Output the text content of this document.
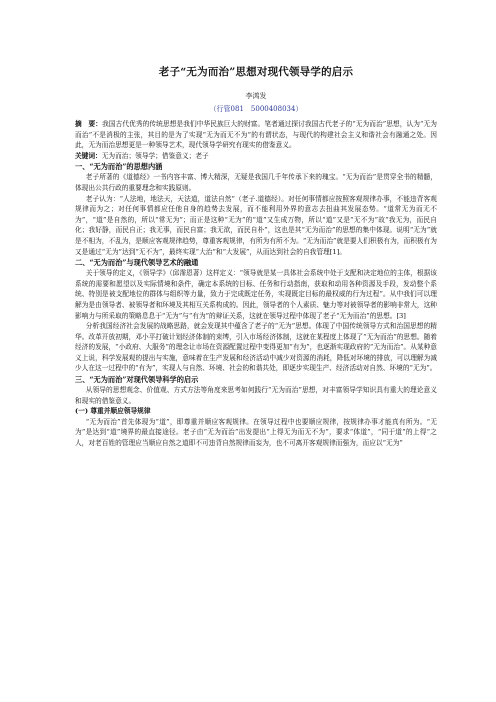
老子“无为而治”思想对现代领导学的启示

李鸿发

（行管081　5000408034）

摘　要：我国古代优秀的传统思想是我们中华民族巨大的财富。笔者通过探讨我国古代老子的“无为而治”思想，认为“无为而治”不是消极的主张，其目的是为了实现“无为而无不为”的有谓状态，与现代的构建社会主义和谐社会有融通之处。因此，无为而治思想更是一种领导艺术，现代领导学研究有现实的借鉴意义。

关键词：无为而治；领导学；借鉴意义；老子

一、“无为而治”的思想内涵

老子所著的《道德经》一书内容丰富、博大精深，无疑是我国几千年传承下来的瑰宝。“无为而治”是贯穿全书的精髓，体现出公共行政的重要理念和实践原则。

老子认为：“人法地，地法天，天法道，道法自然”（老子.道德经）。对任何事情都应按照客观规律办事，不能违背客观规律而为之；对任何事情都应任他自身的趋势去发展，而不能利用外界的意志去扭曲其发展态势。“道常无为而无不为”，“道”是自然的，所以“常无为”；而正是这种“无为”的“道”又生成万物，所以“道”又是“无不为”故“我无为，而民自化；我好静，而民自正；我无事，而民自富；我无欲，而民自朴”，这也是其“无为而治”的思想的集中体现。说明“无为”就是不相为，不乱为，是顺应客观规律趋势，尊重客观规律，有所为有所不为。“无为而治”就是要人们积极有为，而积极有为又是通过“无为”达到“无不为”，最终实现“大治”和“大发展”，从而达到社会的自我管理[1]。

二、“无为而治”与现代领导艺术的融通

关于领导的定义，《领导学》（邱霈恩著）这样定义：“领导就是某一具体社会系统中处于支配和决定地位的主体，根据该系统的需要和愿望以及实际情境和条件，确定本系统的目标、任务和行动指南，获取和动用各种资源及手段，发动整个系统、特别是被支配地位的群体与组织等力量，致力于完成既定任务，实现既定目标的最权威的行为过程”。从中我们可以理解为是由领导者、被领导者和环境及其相互关系构成的。因此，领导者的个人素质、魅力等对被领导者的影响非常大，这种影响力与所采取的策略息息于“无为”与“有为”的辩证关系，这就在领导过程中体现了老子“无为而治”的思想。[3]

分析我国经济社会发展的战略思路，就会发现其中蕴含了老子的“无为”思想。体现了中国传统领导方式和治国思想的精华。改革开放初期，邓小平打破计划经济体制的束缚，引入市场经济体制，这就在某程度上体现了“无为而治”的思想。随着经济的发展，“小政府、大服务”的理念让市场在资源配置过程中变得更加“有为”，也逐渐实现政府的“无为而治”。从某种意义上说，科学发展观的提出与实施，意味着在生产发展和经济活动中减少对资源的消耗，降低对环境的排放，可以理解为减少人在这一过程中的“有为”，实现人与自然、环境、社会的和谐共处，即逐步实现生产、经济活动对自然、环境的“无为”。

三、“无为而治”对现代领导科学的启示

从领导的思想观念、价值观、方式方法等角度来思考如何践行“无为而治”思想，对丰富领导学知识具有重大的理论意义和现实的借鉴意义。

(一) 尊重并顺应领导规律

“无为而治”首先体现为“道”，即尊重并顺应客观规律。在领导过程中也要顺应规律，按规律办事才能真有所为。“无为”是达到“道”境界的最直接途径。老子由“无为而治”出发提出“上得无为而无不为”，要求“体道”，“同于道”的上得“之人，对老百姓的管理应当顺应自然之道即不可违背自然规律而妄为，也不可离开客观规律而强为，而应以“无为”
